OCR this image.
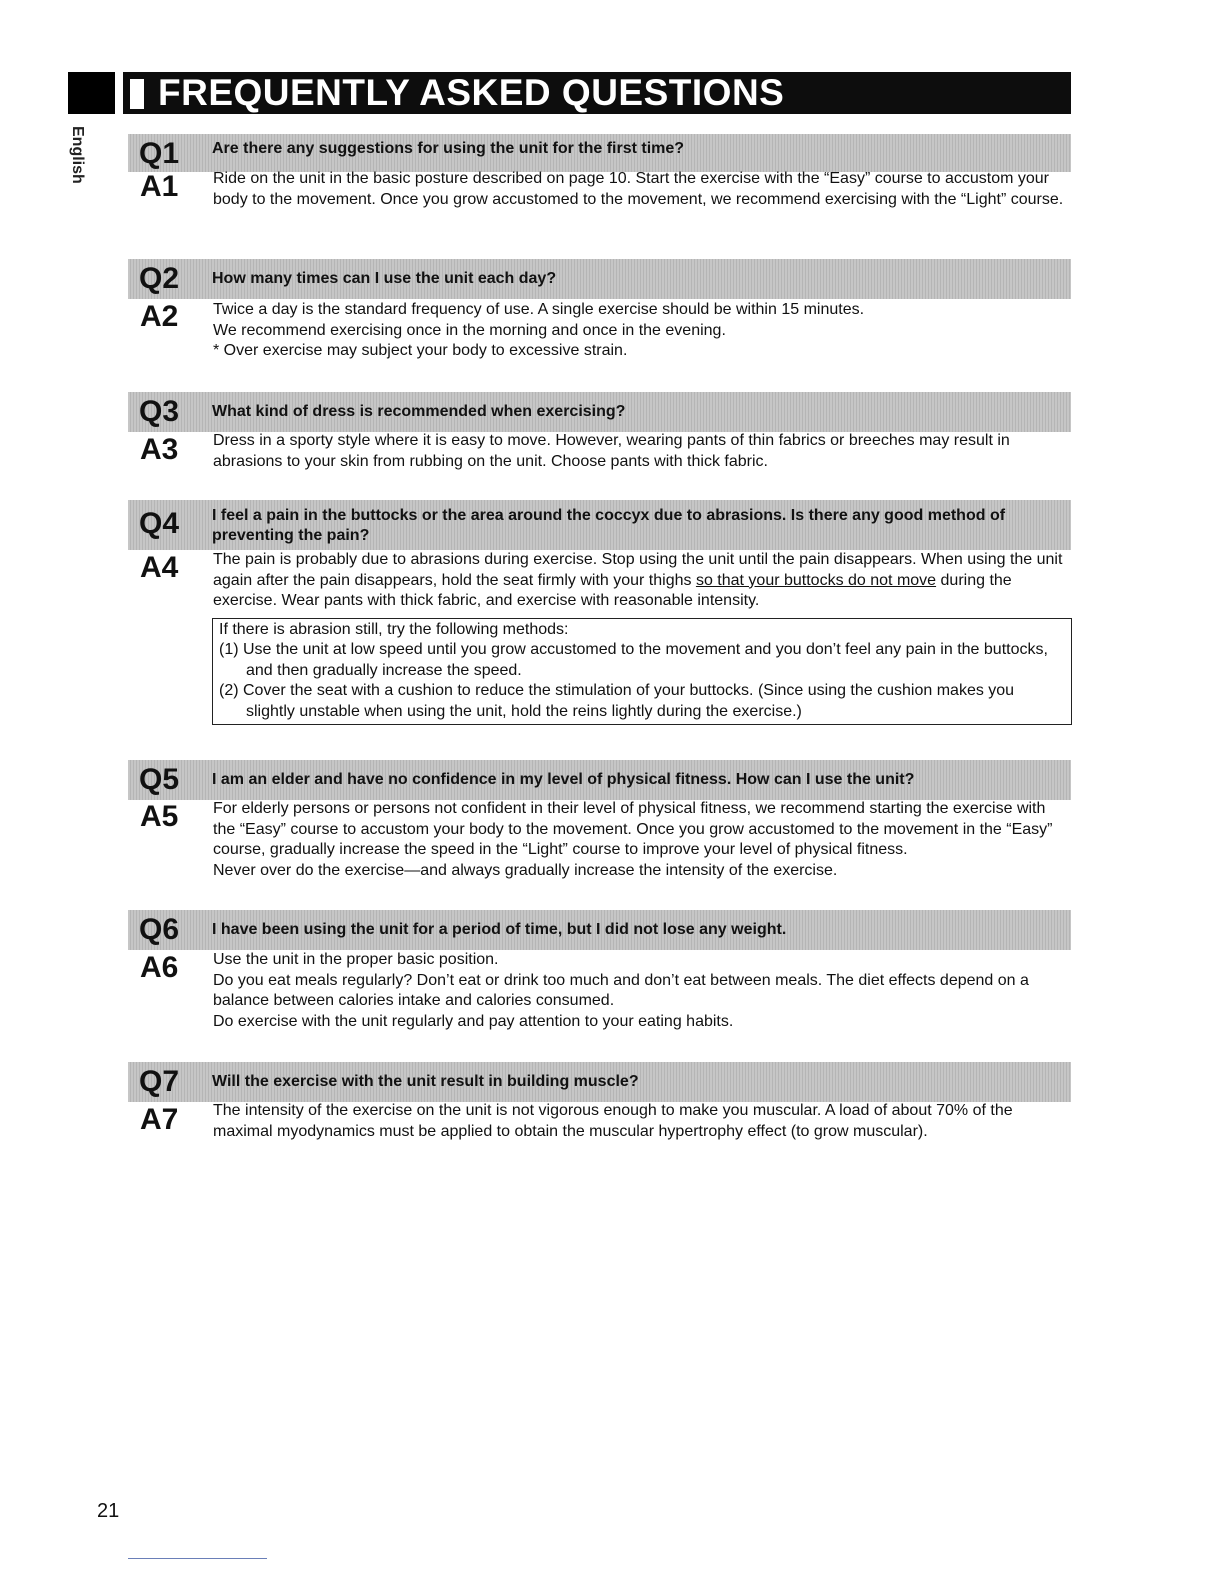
FREQUENTLY ASKED QUESTIONS
English Q1 Are there any suggestions for using the unit for the first time?
A1 Ride on the unit in the basic posture described on page 10. Start the exercise with the “Easy” course to accustom your body to the movement. Once you grow accustomed to the movement, we recommend exercising with the “Light” course.

Q2 How many times can I use the unit each day?
A2 Twice a day is the standard frequency of use. A single exercise should be within 15 minutes.

We recommend exercising once in the morning and once in the evening.

* Over exercise may subject your body to excessive strain.

Q3 What kind of dress is recommended when exercising?
A3 Dress in a sporty style where it is easy to move. However, wearing pants of thin fabrics or breeches may result in abrasions to your skin from rubbing on the unit. Choose pants with thick fabric.

Q4 I feel a pain in the buttocks or the area around the coccyx due to abrasions. Is there any good method of preventing the pain?
A4 The pain is probably due to abrasions during exercise. Stop using the unit until the pain disappears. When using the unit again after the pain disappears, hold the seat firmly with your thighs so that your buttocks do not move during the exercise. Wear pants with thick fabric, and exercise with reasonable intensity.

If there is abrasion still, try the following methods:

(1) Use the unit at low speed until you grow accustomed to the movement and you don’t feel any pain in the buttocks, and then gradually increase the speed.

(2) Cover the seat with a cushion to reduce the stimulation of your buttocks. (Since using the cushion makes you slightly unstable when using the unit, hold the reins lightly during the exercise.)

Q5 I am an elder and have no confidence in my level of physical fitness. How can I use the unit?
A5 For elderly persons or persons not confident in their level of physical fitness, we recommend starting the exercise with the “Easy” course to accustom your body to the movement. Once you grow accustomed to the movement in the “Easy” course, gradually increase the speed in the “Light” course to improve your level of physical fitness.

Never over do the exercise—and always gradually increase the intensity of the exercise.

Q6 I have been using the unit for a period of time, but I did not lose any weight.
A6 Use the unit in the proper basic position.

Do you eat meals regularly? Don’t eat or drink too much and don’t eat between meals. The diet effects depend on a balance between calories intake and calories consumed.

Do exercise with the unit regularly and pay attention to your eating habits.

Q7 Will the exercise with the unit result in building muscle?
A7 The intensity of the exercise on the unit is not vigorous enough to make you muscular. A load of about 70% of the maximal myodynamics must be applied to obtain the muscular hypertrophy effect (to grow muscular).

21
